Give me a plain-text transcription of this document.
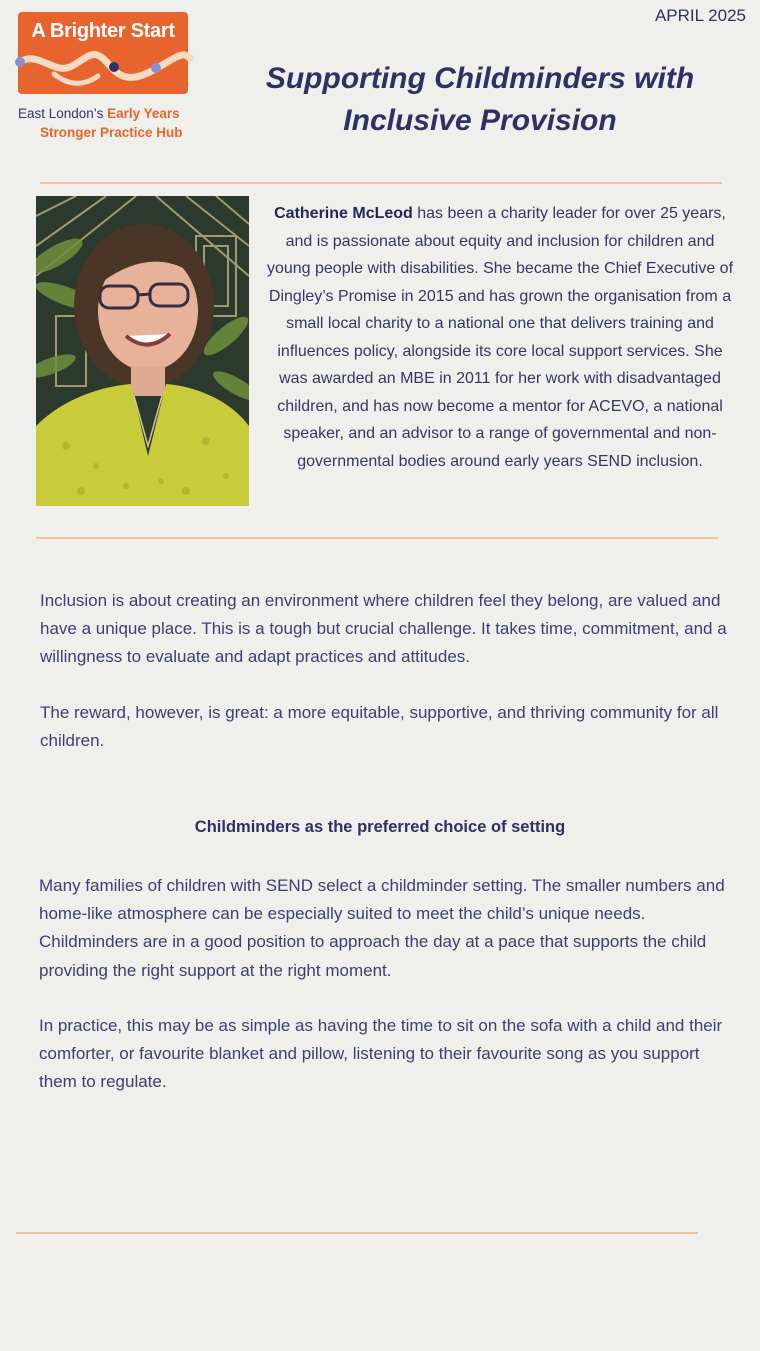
A Brighter Start
East London’s Early Years
Stronger Practice Hub
APRIL 2025
Supporting Childminders with
Inclusive Provision
Catherine McLeod has been a charity leader for over 25 years, and is passionate about equity and inclusion for children and young people with disabilities. She became the Chief Executive of Dingley’s Promise in 2015 and has grown the organisation from a small local charity to a national one that delivers training and influences policy, alongside its core local support services. She was awarded an MBE in 2011 for her work with disadvantaged children, and has now become a mentor for ACEVO, a national speaker, and an advisor to a range of governmental and non-governmental bodies around early years SEND inclusion.

Inclusion is about creating an environment where children feel they belong, are valued and have a unique place. This is a tough but crucial challenge. It takes time, commitment, and a willingness to evaluate and adapt practices and attitudes.

The reward, however, is great: a more equitable, supportive, and thriving community for all children.

Childminders as the preferred choice of setting

Many families of children with SEND select a childminder setting. The smaller numbers and home-like atmosphere can be especially suited to meet the child’s unique needs. Childminders are in a good position to approach the day at a pace that supports the child providing the right support at the right moment.

In practice, this may be as simple as having the time to sit on the sofa with a child and their comforter, or favourite blanket and pillow, listening to their favourite song as you support them to regulate.
